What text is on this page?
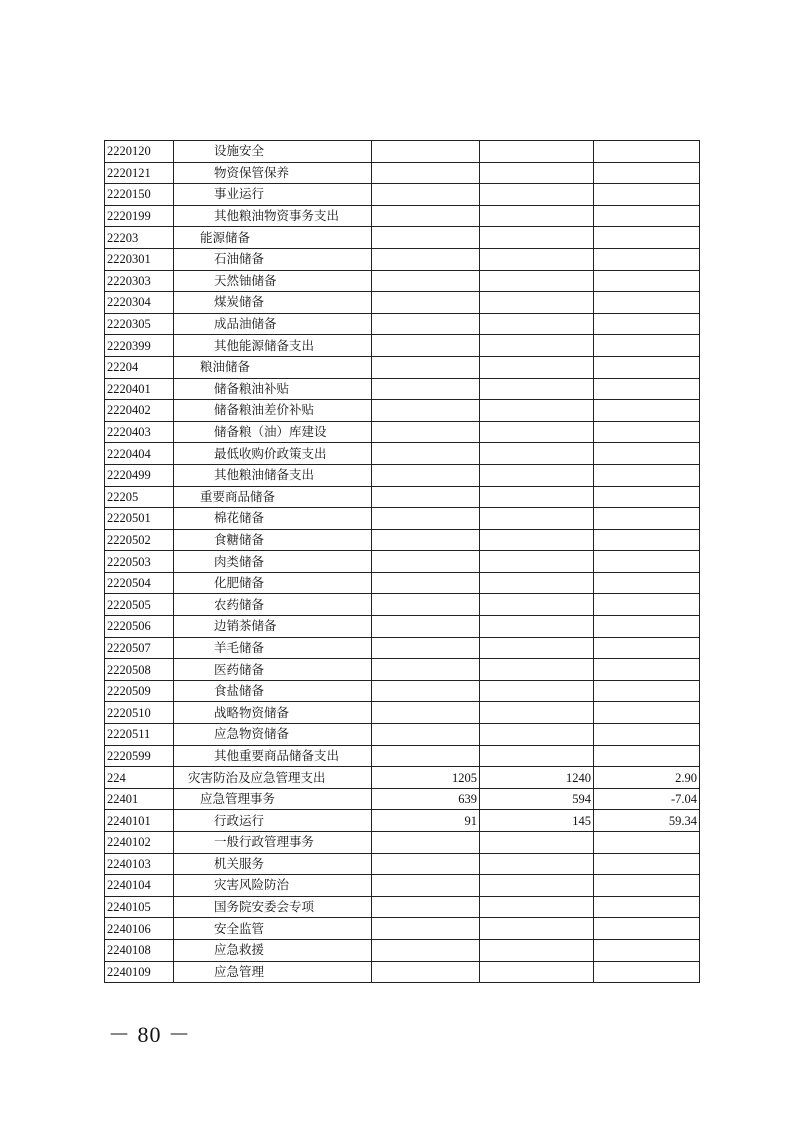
2220120	设施安全			
2220121	物资保管保养			
2220150	事业运行			
2220199	其他粮油物资事务支出			
22203	能源储备			
2220301	石油储备			
2220303	天然铀储备			
2220304	煤炭储备			
2220305	成品油储备			
2220399	其他能源储备支出			
22204	粮油储备			
2220401	储备粮油补贴			
2220402	储备粮油差价补贴			
2220403	储备粮（油）库建设			
2220404	最低收购价政策支出			
2220499	其他粮油储备支出			
22205	重要商品储备			
2220501	棉花储备			
2220502	食糖储备			
2220503	肉类储备			
2220504	化肥储备			
2220505	农药储备			
2220506	边销茶储备			
2220507	羊毛储备			
2220508	医药储备			
2220509	食盐储备			
2220510	战略物资储备			
2220511	应急物资储备			
2220599	其他重要商品储备支出			
224	灾害防治及应急管理支出	1205	1240	2.90
22401	应急管理事务	639	594	-7.04
2240101	行政运行	91	145	59.34
2240102	一般行政管理事务			
2240103	机关服务			
2240104	灾害风险防治			
2240105	国务院安委会专项			
2240106	安全监管			
2240108	应急救援			
2240109	应急管理			
－ 80 －
